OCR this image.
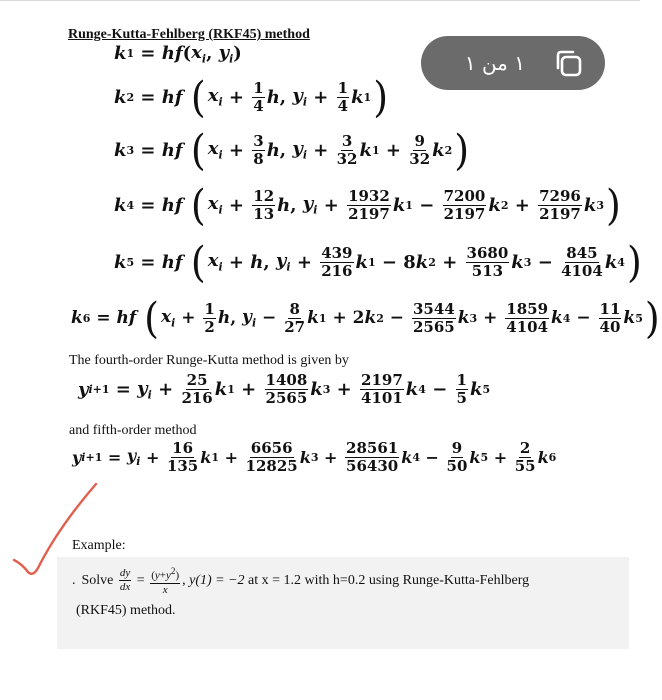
Runge-Kutta-Fehlberg (RKF45) method
k 1 = hf ( $x_i$ , $y_i$ )
k 2 = hf
( $x_i + \frac{1}{4}$ h , $y_i + \frac{1}{4}$ k 1 )
k 3 = hf
( $x_i + \frac{3}{8}$ h , $y_i + \frac{3}{32}$ k $1 + \frac{9}{32}$ k 2 )
k 4 = hf
( $x_i + \frac{12}{13}$ h , $y_i + \frac{1932}{2197}$ k $1 - \frac{7200}{2197}$ k $2 + \frac{7296}{2197}$ k 3 )
k 5 = hf
( $x_i + h$ , $y_i + \frac{439}{216}$ k 1 − 8 k $2 + \frac{3680}{513}$ k $3 - \frac{845}{4104}$ k 4 )
k 6 = hf
( $x_i + \frac{1}{2}$ h , $y_i - \frac{8}{27}$ k 1 + 2 k $2 - \frac{3544}{2565}$ k $3 + \frac{1859}{4104}$ k $4 - \frac{11}{40}$ k 5 )
The fourth-order Runge-Kutta method is given by
y $i+1 = y_i + \frac{25}{216}$ k $1 + \frac{1408}{2565}$ k $3 + \frac{2197}{4101}$ k $4 - \frac{1}{5}$ k 5
and fifth-order method
y $i+1 = y_i + \frac{16}{135}$ k $1 + \frac{6656}{12825}$ k $3 + \frac{28561}{56430}$ k $4 - \frac{9}{50}$ k $5 + \frac{2}{55}$ k 6
Example:
. Solve
$\frac{dy}{dx} = \frac{(y+y^2)}{x}$ , y(1) = −2
at x = 1.2 with h=0.2 using Runge-Kutta-Fehlberg
(RKF45) method.
١ من ١
